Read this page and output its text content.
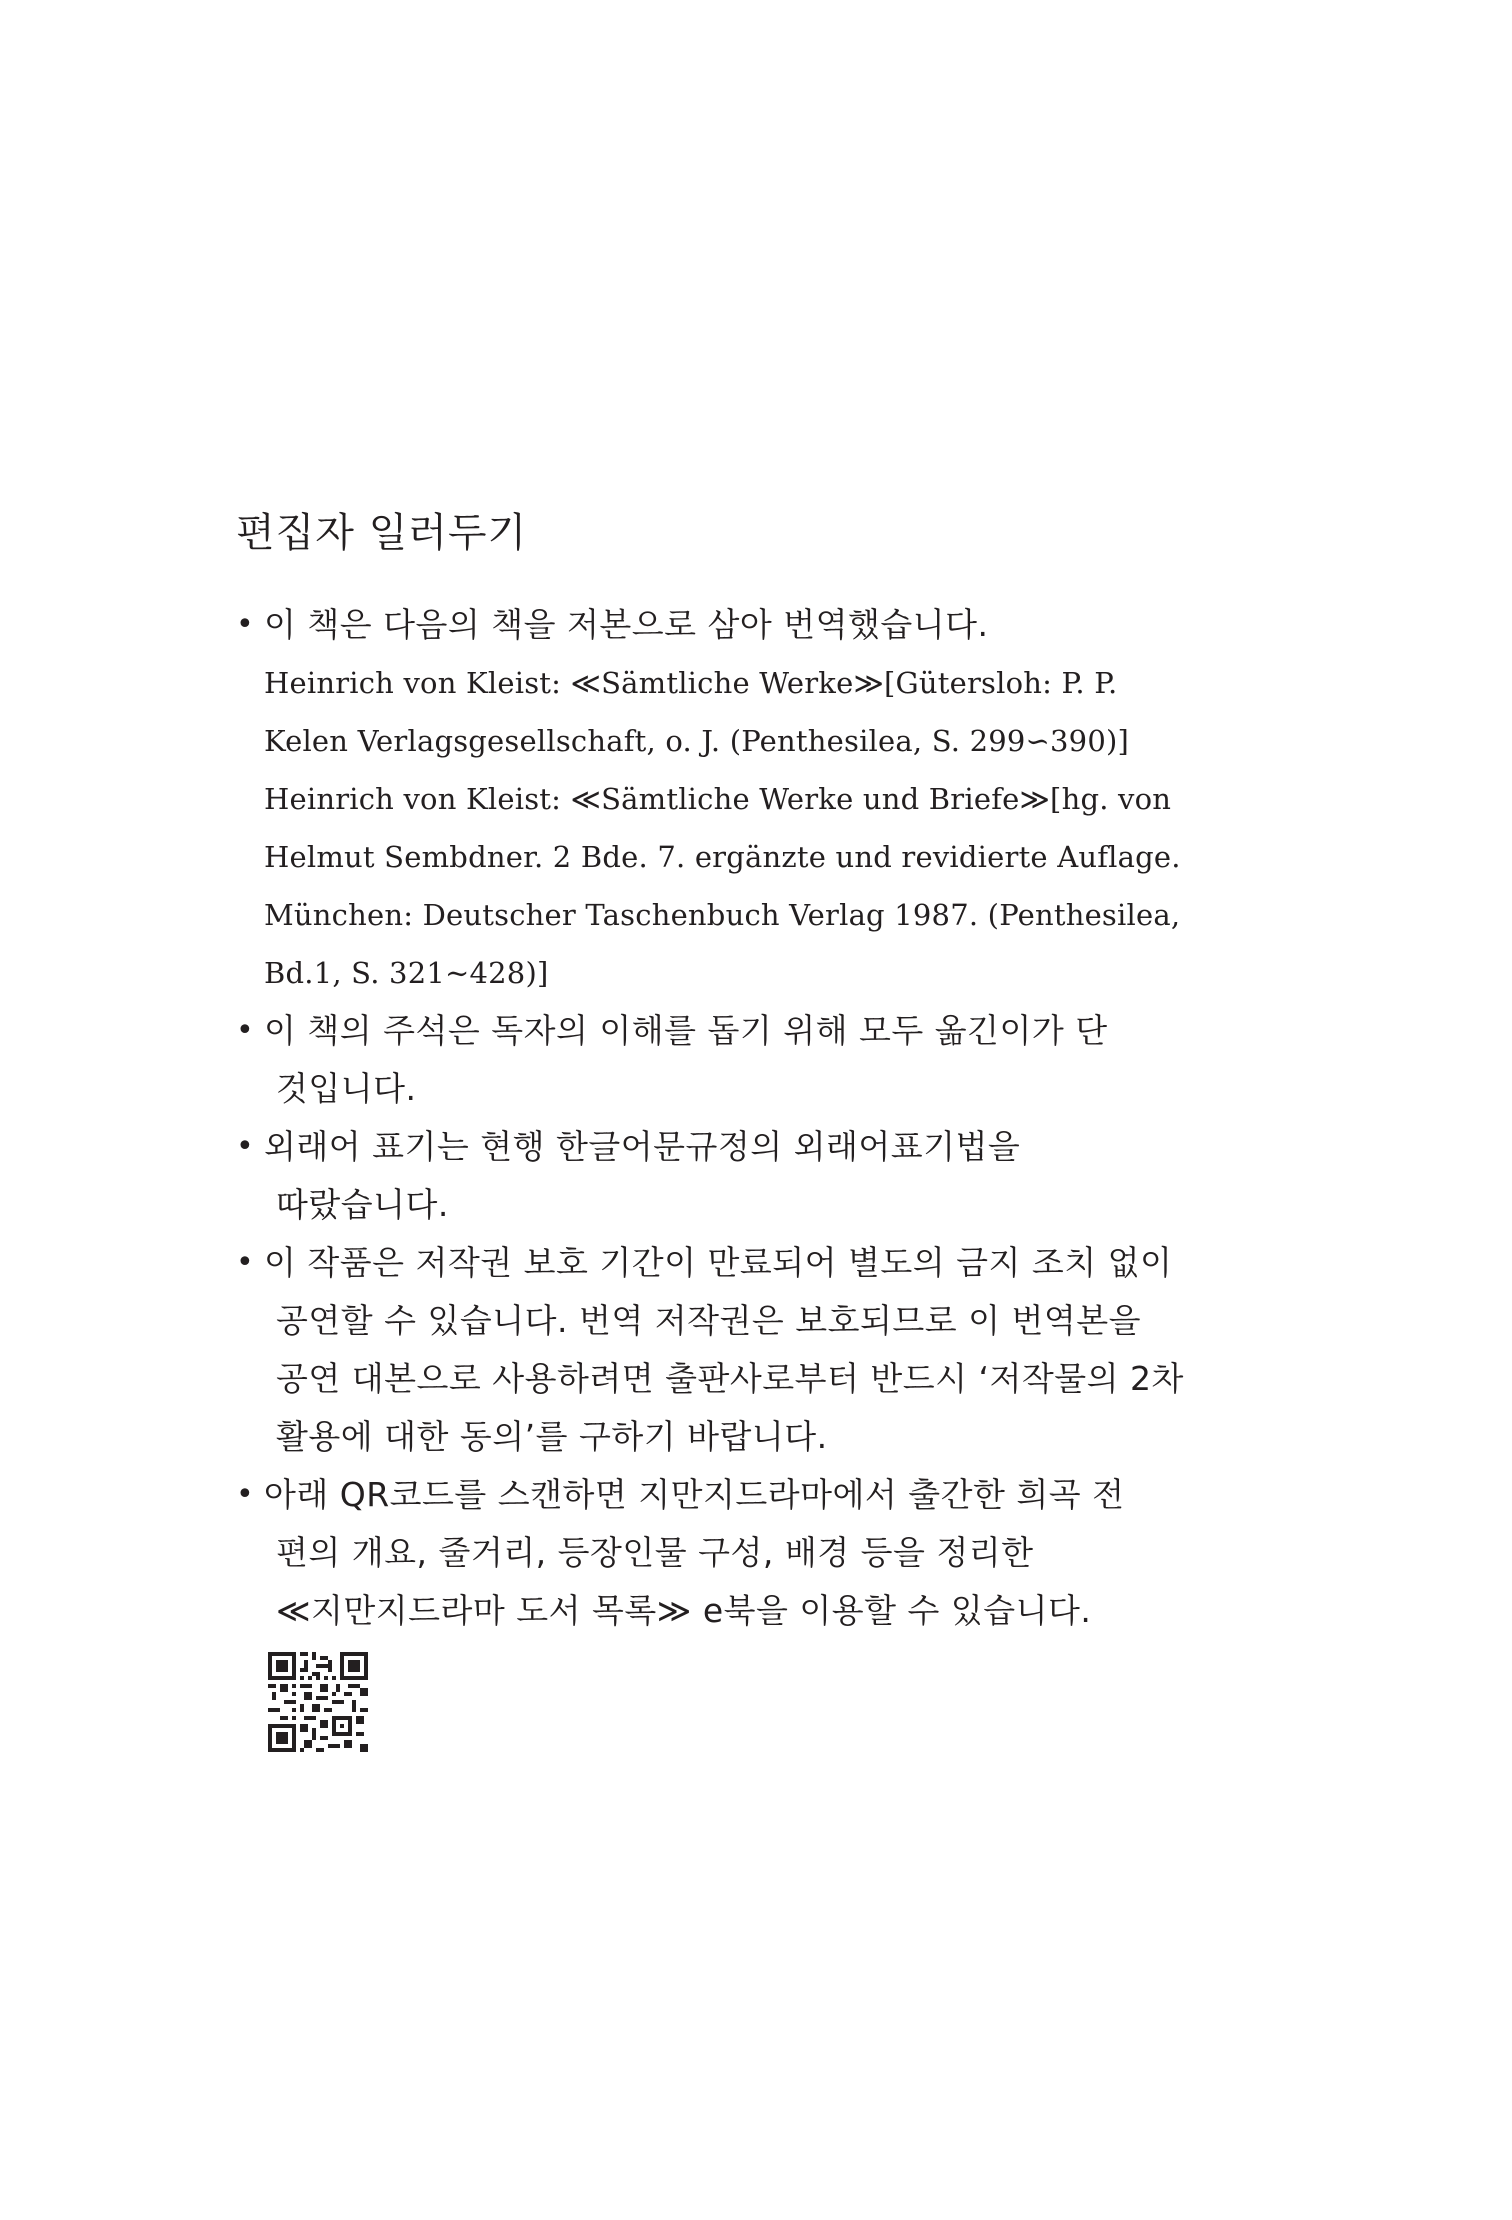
편집자 일러두기
• 이 책은 다음의 책을 저본으로 삼아 번역했습니다.
Heinrich von Kleist: ≪Sämtliche Werke≫[Gütersloh: P. P.
Kelen Verlagsgesellschaft, o. J. (Penthesilea, S. 299∽390)]
Heinrich von Kleist: ≪Sämtliche Werke und Briefe≫[hg. von
Helmut Sembdner. 2 Bde. 7. ergänzte und revidierte Auflage.
München: Deutscher Taschenbuch Verlag 1987. (Penthesilea,
Bd.1, S. 321∼428)]
• 이 책의 주석은 독자의 이해를 돕기 위해 모두 옮긴이가 단
것입니다.
• 외래어 표기는 현행 한글어문규정의 외래어표기법을
따랐습니다.
• 이 작품은 저작권 보호 기간이 만료되어 별도의 금지 조치 없이
공연할 수 있습니다. 번역 저작권은 보호되므로 이 번역본을
공연 대본으로 사용하려면 출판사로부터 반드시 ‘저작물의 2차
활용에 대한 동의’를 구하기 바랍니다.
• 아래 QR코드를 스캔하면 지만지드라마에서 출간한 희곡 전
편의 개요, 줄거리, 등장인물 구성, 배경 등을 정리한
≪지만지드라마 도서 목록≫ e북을 이용할 수 있습니다.
